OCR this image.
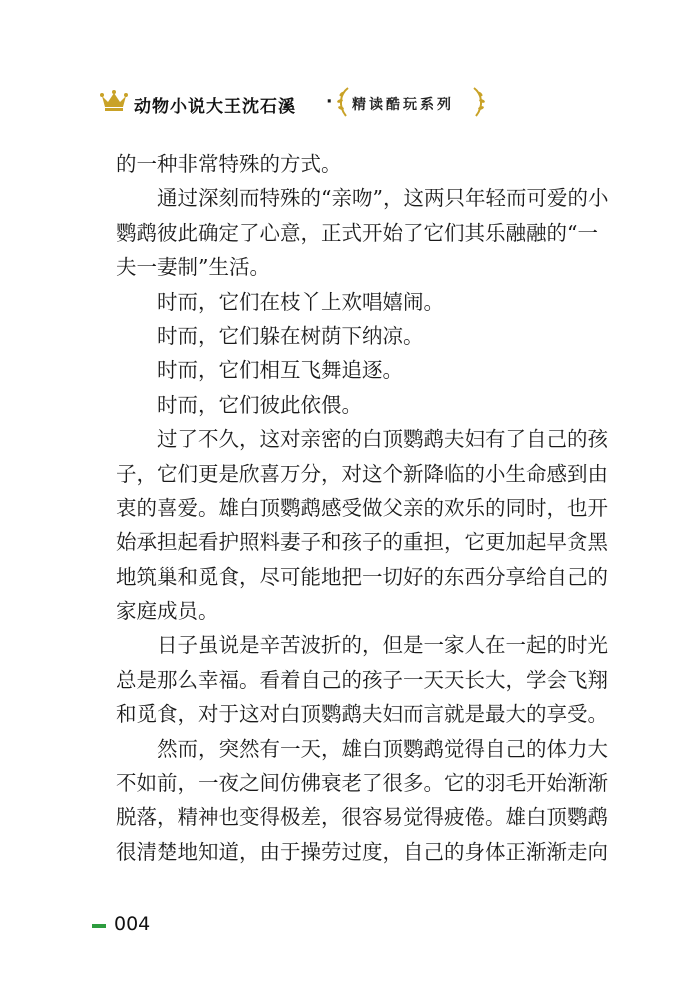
动物小说大王沈石溪 · 精读酷玩系列
的一种非常特殊的方式。
　　通过深刻而特殊的“亲吻”，这两只年轻而可爱的小
鹦鹉彼此确定了心意，正式开始了它们其乐融融的“一
夫一妻制”生活。
　　时而，它们在枝丫上欢唱嬉闹。
　　时而，它们躲在树荫下纳凉。
　　时而，它们相互飞舞追逐。
　　时而，它们彼此依偎。
　　过了不久，这对亲密的白顶鹦鹉夫妇有了自己的孩
子，它们更是欣喜万分，对这个新降临的小生命感到由
衷的喜爱。雄白顶鹦鹉感受做父亲的欢乐的同时，也开
始承担起看护照料妻子和孩子的重担，它更加起早贪黑
地筑巢和觅食，尽可能地把一切好的东西分享给自己的
家庭成员。
　　日子虽说是辛苦波折的，但是一家人在一起的时光
总是那么幸福。看着自己的孩子一天天长大，学会飞翔
和觅食，对于这对白顶鹦鹉夫妇而言就是最大的享受。
　　然而，突然有一天，雄白顶鹦鹉觉得自己的体力大
不如前，一夜之间仿佛衰老了很多。它的羽毛开始渐渐
脱落，精神也变得极差，很容易觉得疲倦。雄白顶鹦鹉
很清楚地知道，由于操劳过度，自己的身体正渐渐走向
004
